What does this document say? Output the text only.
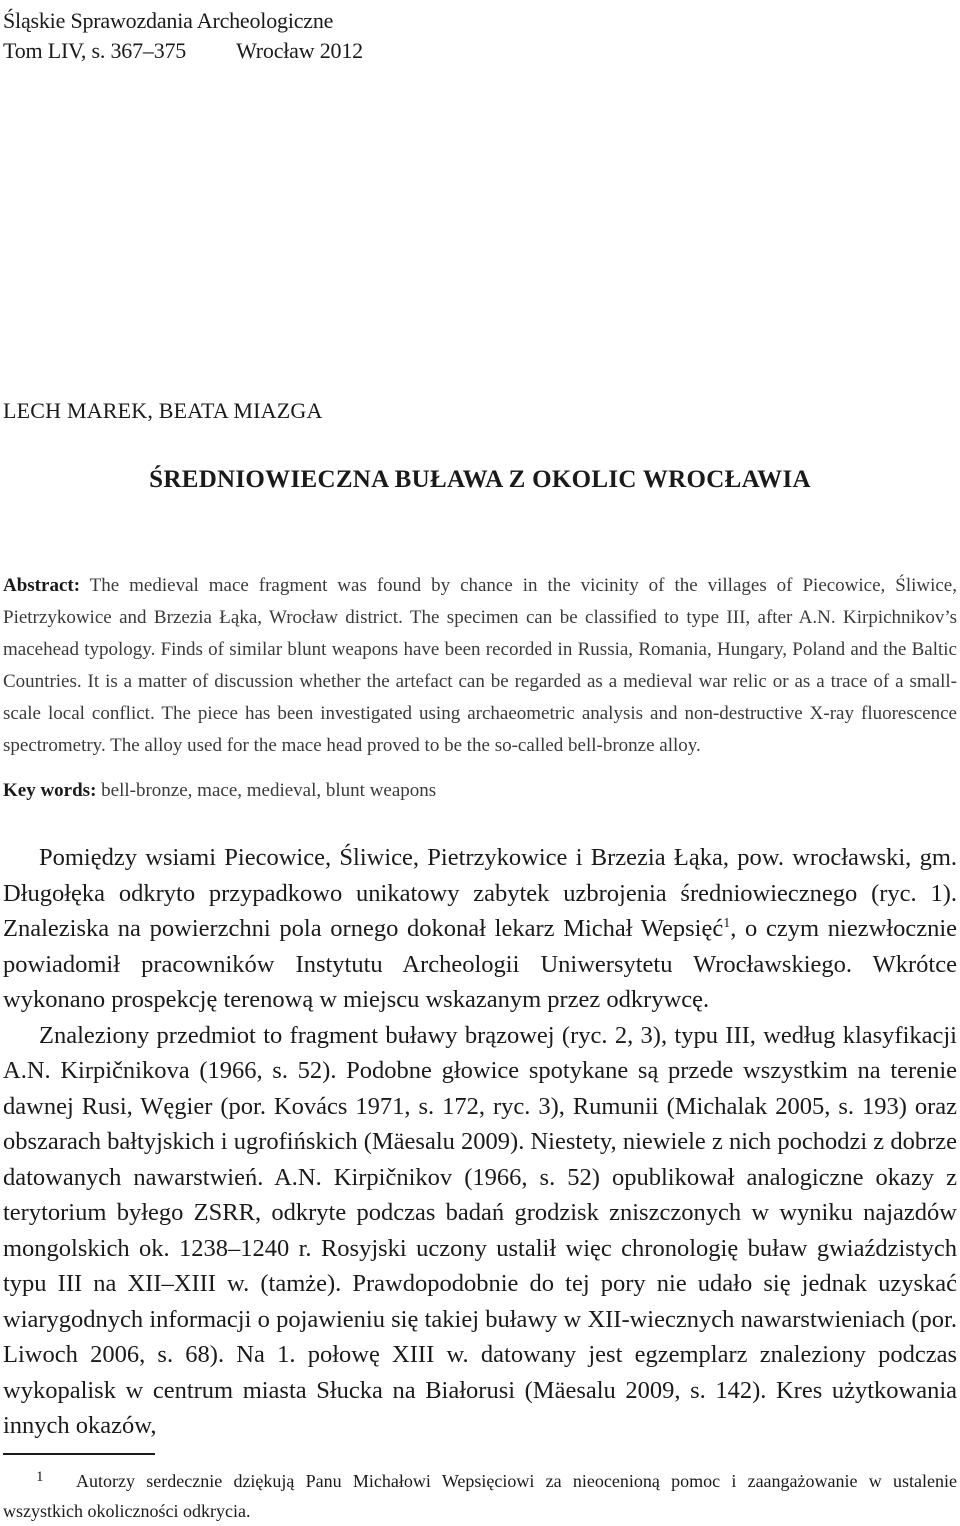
Śląskie Sprawozdania Archeologiczne
Tom LIV, s. 367–375 Wrocław 2012
LECH MAREK, BEATA MIAZGA
ŚREDNIOWIECZNA BUŁAWA Z OKOLIC WROCŁAWIA
Abstract: The medieval mace fragment was found by chance in the vicinity of the villages of Piecowice, Śliwice, Pietrzykowice and Brzezia Łąka, Wrocław district. The specimen can be classified to type III, after A.N. Kirpichnikov’s macehead typology. Finds of similar blunt weapons have been recorded in Russia, Romania, Hungary, Poland and the Baltic Countries. It is a matter of discussion whether the artefact can be regarded as a medieval war relic or as a trace of a small-scale local conflict. The piece has been investigated using archaeometric analysis and non-destructive X-ray fluorescence spectrometry. The alloy used for the mace head proved to be the so-called bell-bronze alloy.
Key words: bell-bronze, mace, medieval, blunt weapons

Pomiędzy wsiami Piecowice, Śliwice, Pietrzykowice i Brzezia Łąka, pow. wrocławski, gm. Długołęka odkryto przypadkowo unikatowy zabytek uzbrojenia średniowiecznego (ryc. 1). Znaleziska na powierzchni pola ornego dokonał lekarz Michał Wepsięć$^1$, o czym niezwłocznie powiadomił pracowników Instytutu Archeologii Uniwersytetu Wrocławskiego. Wkrótce wykonano prospekcję terenową w miejscu wskazanym przez odkrywcę.

Znaleziony przedmiot to fragment buławy brązowej (ryc. 2, 3), typu III, według klasyfikacji A.N. Kirpičnikova (1966, s. 52). Podobne głowice spotykane są przede wszystkim na terenie dawnej Rusi, Węgier (por. Kovács 1971, s. 172, ryc. 3), Rumunii (Michalak 2005, s. 193) oraz obszarach bałtyjskich i ugrofińskich (Mäesalu 2009). Niestety, niewiele z nich pochodzi z dobrze datowanych nawarstwień. A.N. Kirpičnikov (1966, s. 52) opublikował analogiczne okazy z terytorium byłego ZSRR, odkryte podczas badań grodzisk zniszczonych w wyniku najazdów mongolskich ok. 1238–1240 r. Rosyjski uczony ustalił więc chronologię buław gwiaździstych typu III na XII–XIII w. (tamże). Prawdopodobnie do tej pory nie udało się jednak uzyskać wiarygodnych informacji o pojawieniu się takiej buławy w XII-wiecznych nawarstwieniach (por. Liwoch 2006, s. 68). Na 1. połowę XIII w. datowany jest egzemplarz znaleziony podczas wykopalisk w centrum miasta Słucka na Białorusi (Mäesalu 2009, s. 142). Kres użytkowania innych okazów,

1 Autorzy serdecznie dziękują Panu Michałowi Wepsięciowi za nieocenioną pomoc i zaangażowanie w ustalenie wszystkich okoliczności odkrycia.
